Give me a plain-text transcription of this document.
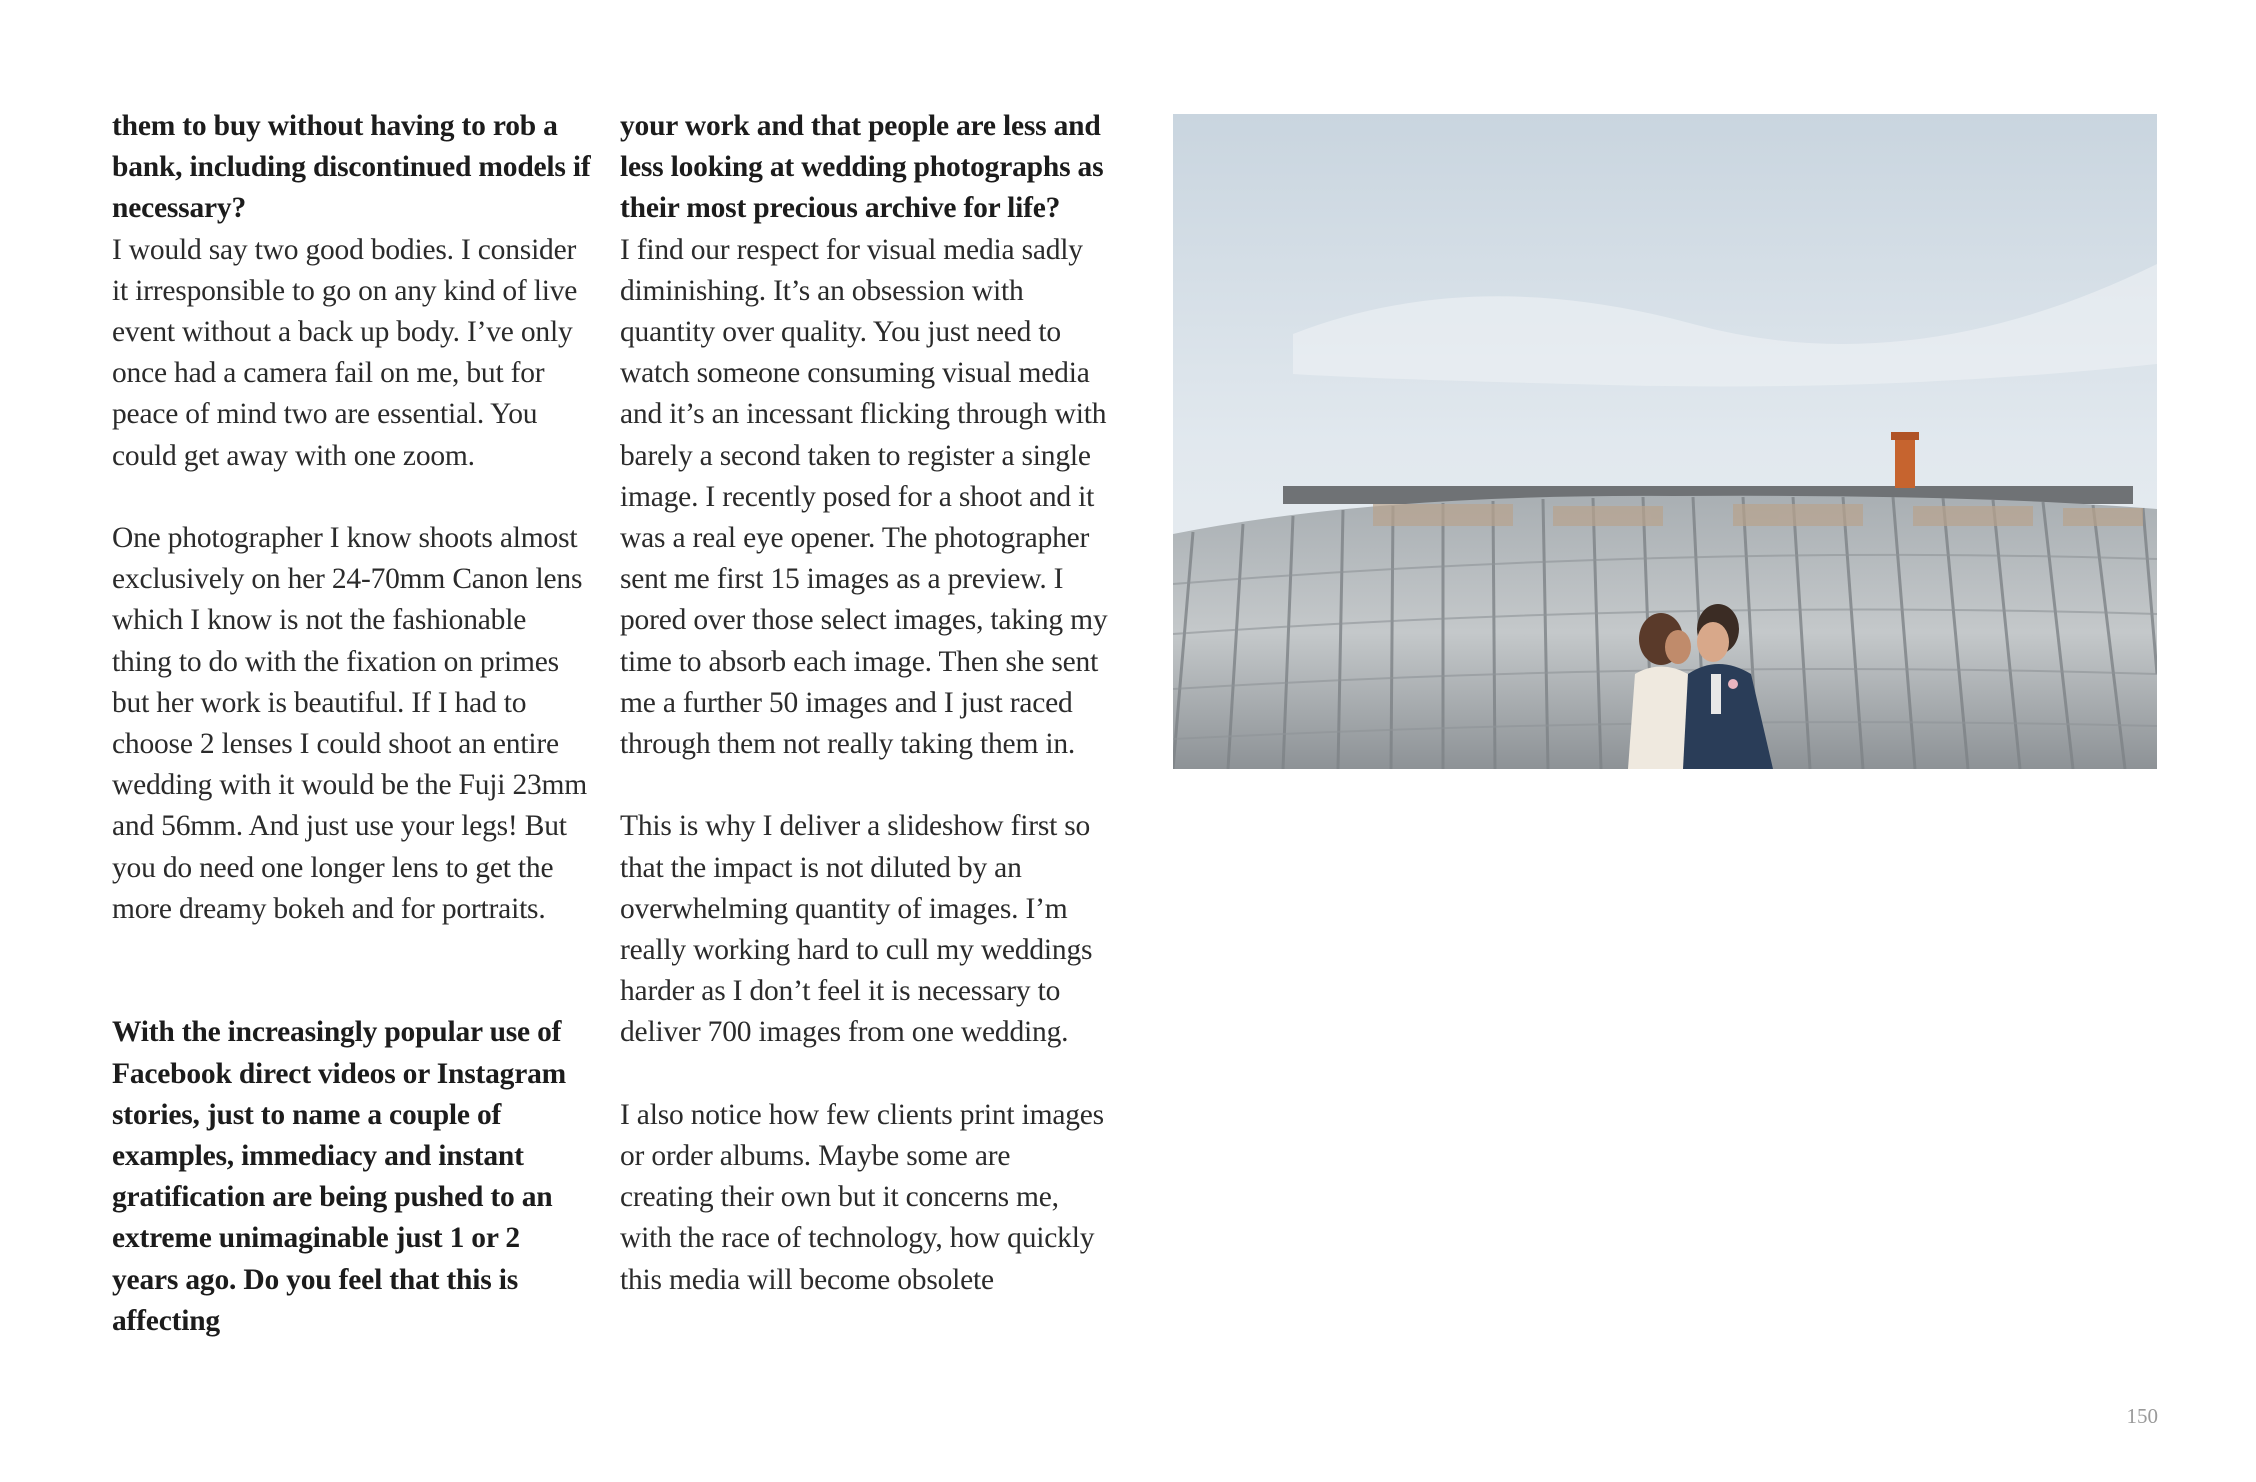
them to buy without having to rob a bank, including discontinued models if necessary?

I would say two good bodies. I consider it irresponsible to go on any kind of live event without a back up body. I’ve only once had a camera fail on me, but for peace of mind two are essential. You could get away with one zoom.

One photographer I know shoots almost exclusively on her 24-70mm Canon lens which I know is not the fashionable thing to do with the fixation on primes but her work is beautiful. If I had to choose 2 lenses I could shoot an entire wedding with it would be the Fuji 23mm and 56mm. And just use your legs! But you do need one longer lens to get the more dreamy bokeh and for portraits.

With the increasingly popular use of Facebook direct videos or Instagram stories, just to name a couple of examples, immediacy and instant gratification are being pushed to an extreme unimaginable just 1 or 2 years ago. Do you feel that this is affecting

your work and that people are less and less looking at wedding photographs as their most precious archive for life?

I find our respect for visual media sadly diminishing. It’s an obsession with quantity over quality. You just need to watch someone consuming visual media and it’s an incessant flicking through with barely a second taken to register a single image. I recently posed for a shoot and it was a real eye opener. The photographer sent me first 15 images as a preview. I pored over those select images, taking my time to absorb each image. Then she sent me a further 50 images and I just raced through them not really taking them in.

This is why I deliver a slideshow first so that the impact is not diluted by an overwhelming quantity of images. I’m really working hard to cull my weddings harder as I don’t feel it is necessary to deliver 700 images from one wedding.

I also notice how few clients print images or order albums. Maybe some are creating their own but it concerns me, with the race of technology, how quickly this media will become obsolete

150
